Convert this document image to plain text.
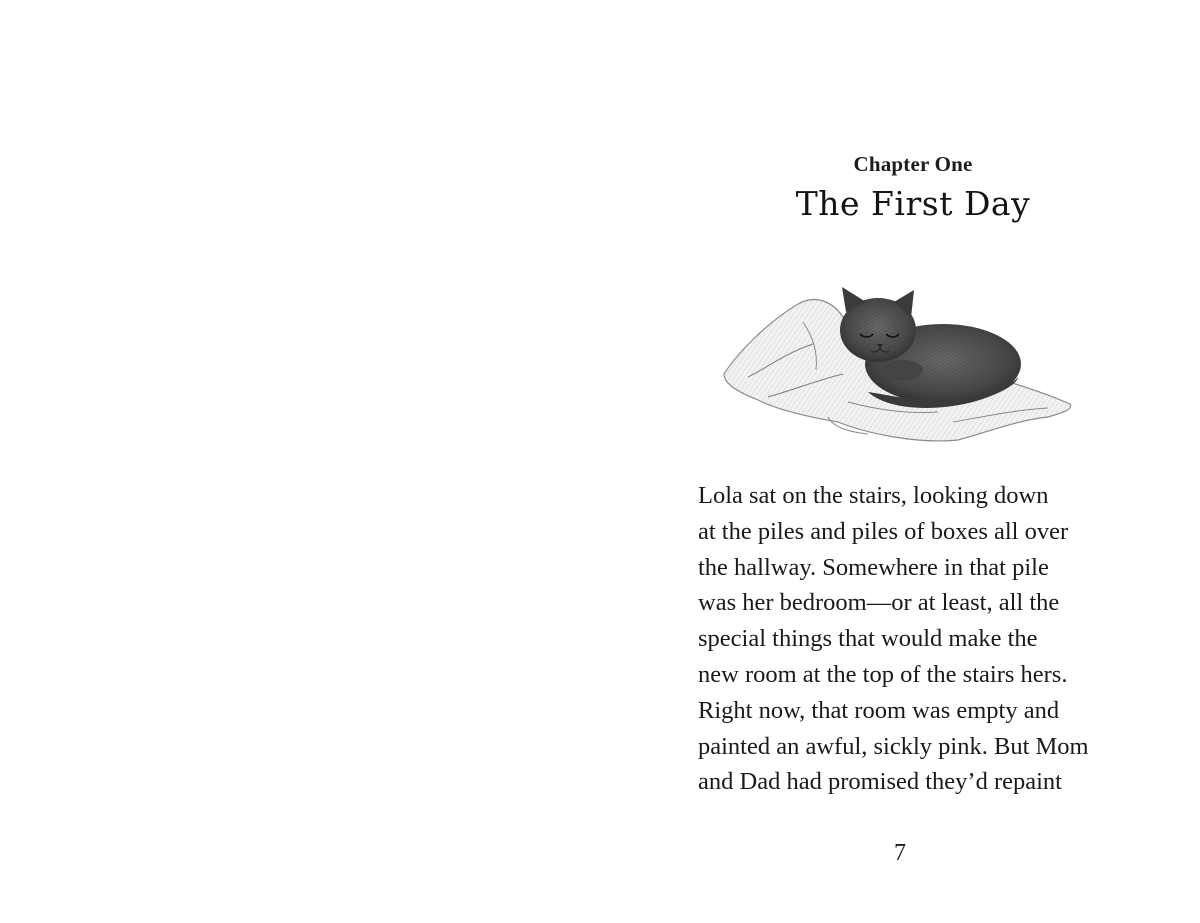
Chapter One
The First Day
Lola sat on the stairs, looking down
at the piles and piles of boxes all over
the hallway. Somewhere in that pile
was her bedroom—or at least, all the
special things that would make the
new room at the top of the stairs hers.
Right now, that room was empty and
painted an awful, sickly pink. But Mom
and Dad had promised they’d repaint
7
